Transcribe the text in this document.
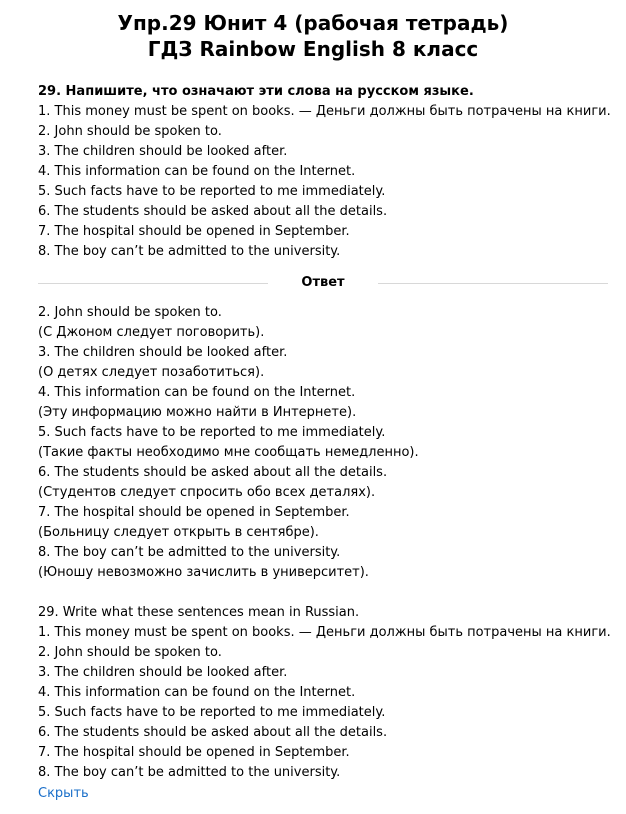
Упр.29 Юнит 4 (рабочая тетрадь)
ГДЗ Rainbow English 8 класс
29. Напишите, что означают эти слова на русском языке.
1. This money must be spent on books. — Деньги должны быть потрачены на книги.
2. John should be spoken to.
3. The children should be looked after.
4. This information can be found on the Internet.
5. Such facts have to be reported to me immediately.
6. The students should be asked about all the details.
7. The hospital should be opened in September.
8. The boy can’t be admitted to the university.
Ответ
2. John should be spoken to.
(С Джоном следует поговорить).
3. The children should be looked after.
(О детях следует позаботиться).
4. This information can be found on the Internet.
(Эту информацию можно найти в Интернете).
5. Such facts have to be reported to me immediately.
(Такие факты необходимо мне сообщать немедленно).
6. The students should be asked about all the details.
(Студентов следует спросить обо всех деталях).
7. The hospital should be opened in September.
(Больницу следует открыть в сентябре).
8. The boy can’t be admitted to the university.
(Юношу невозможно зачислить в университет).
29. Write what these sentences mean in Russian.
1. This money must be spent on books. — Деньги должны быть потрачены на книги.
2. John should be spoken to.
3. The children should be looked after.
4. This information can be found on the Internet.
5. Such facts have to be reported to me immediately.
6. The students should be asked about all the details.
7. The hospital should be opened in September.
8. The boy can’t be admitted to the university.
Скрыть
